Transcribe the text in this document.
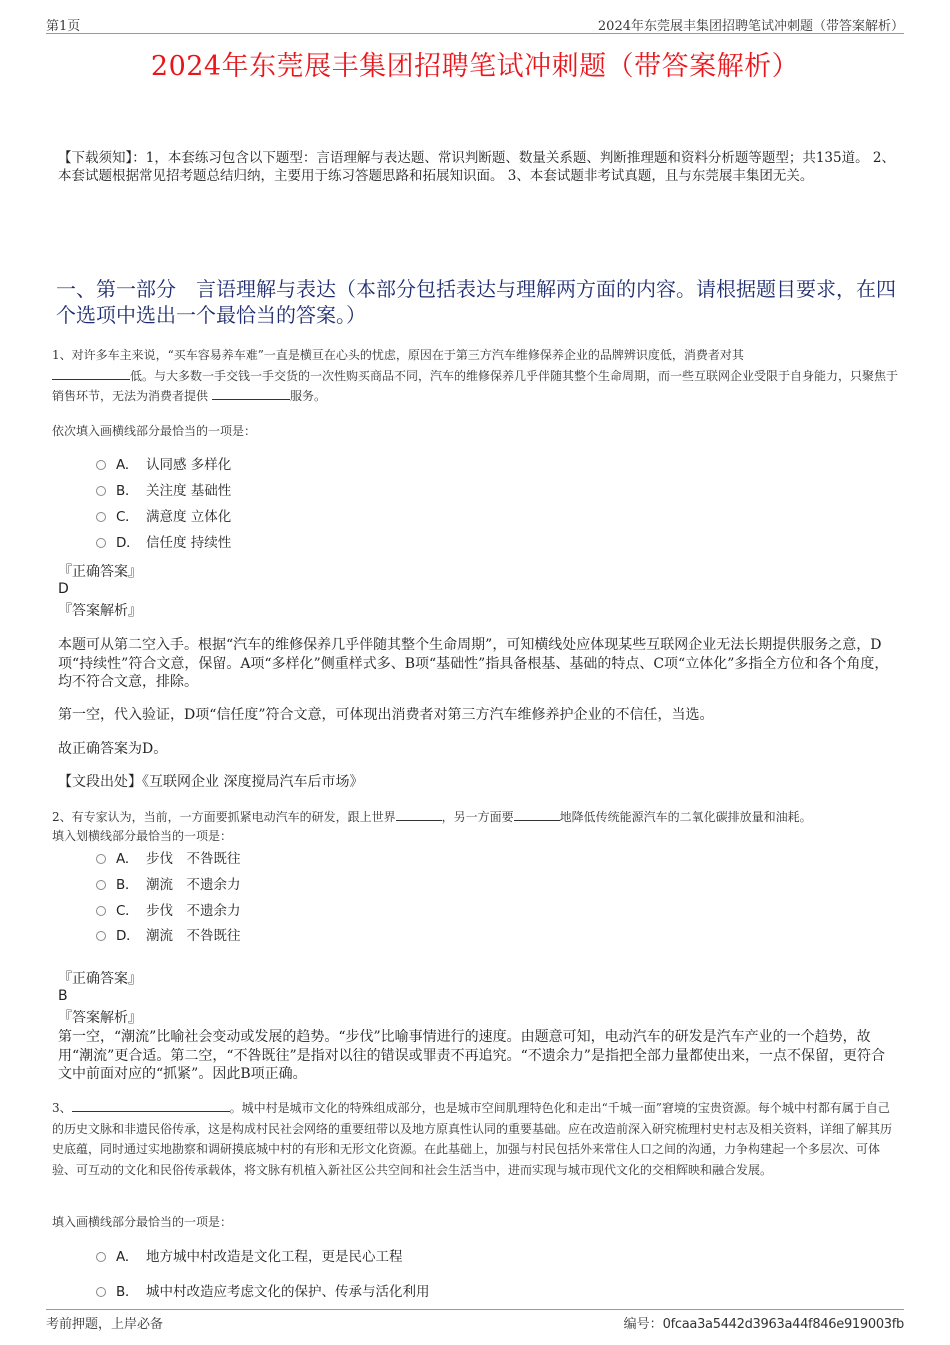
第1页	2024年东莞展丰集团招聘笔试冲刺题（带答案解析）
2024年东莞展丰集团招聘笔试冲刺题（带答案解析）
【下载须知】：1，本套练习包含以下题型：言语理解与表达题、常识判断题、数量关系题、判断推理题和资料分析题等题型；共135道。 2、本套试题根据常见招考题总结归纳，主要用于练习答题思路和拓展知识面。 3、本套试题非考试真题，且与东莞展丰集团无关。
一、第一部分　言语理解与表达（本部分包括表达与理解两方面的内容。请根据题目要求，在四个选项中选出一个最恰当的答案。）
1、对许多车主来说，“买车容易养车难”一直是横亘在心头的忧虑，原因在于第三方汽车维修保养企业的品牌辨识度低，消费者对其
低。与大多数一手交钱一手交货的一次性购买商品不同，汽车的维修保养几乎伴随其整个生命周期，而一些互联网企业受限于自身能力，只聚焦于销售环节，无法为消费者提供	服务。
依次填入画横线部分最恰当的一项是：
A． 认同感 多样化
B． 关注度 基础性
C． 满意度 立体化
D． 信任度 持续性
『正确答案』
D
『答案解析』
本题可从第二空入手。根据“汽车的维修保养几乎伴随其整个生命周期”，可知横线处应体现某些互联网企业无法长期提供服务之意，D项“持续性”符合文意，保留。A项“多样化”侧重样式多、B项“基础性”指具备根基、基础的特点、C项“立体化”多指全方位和各个角度，均不符合文意，排除。
第一空，代入验证，D项“信任度”符合文意，可体现出消费者对第三方汽车维修养护企业的不信任，当选。
故正确答案为D。
【文段出处】《互联网企业 深度搅局汽车后市场》
2、有专家认为，当前，一方面要抓紧电动汽车的研发，跟上世界	，另一方面要	地降低传统能源汽车的二氧化碳排放量和油耗。
填入划横线部分最恰当的一项是：
A． 步伐　不咎既往
B． 潮流　不遗余力
C． 步伐　不遗余力
D． 潮流　不咎既往
『正确答案』
B
『答案解析』
第一空，“潮流”比喻社会变动或发展的趋势。“步伐”比喻事情进行的速度。由题意可知，电动汽车的研发是汽车产业的一个趋势，故用“潮流”更合适。第二空，“不咎既往”是指对以往的错误或罪责不再追究。“不遗余力”是指把全部力量都使出来，一点不保留，更符合文中前面对应的“抓紧”。因此B项正确。
3、	。城中村是城市文化的特殊组成部分，也是城市空间肌理特色化和走出“千城一面”窘境的宝贵资源。每个城中村都有属于自己的历史文脉和非遗民俗传承，这是构成村民社会网络的重要纽带以及地方原真性认同的重要基础。应在改造前深入研究梳理村史村志及相关资料，详细了解其历史底蕴，同时通过实地勘察和调研摸底城中村的有形和无形文化资源。在此基础上，加强与村民包括外来常住人口之间的沟通，力争构建起一个多层次、可体验、可互动的文化和民俗传承载体，将文脉有机植入新社区公共空间和社会生活当中，进而实现与城市现代文化的交相辉映和融合发展。
填入画横线部分最恰当的一项是：
A． 地方城中村改造是文化工程，更是民心工程
B． 城中村改造应考虑文化的保护、传承与活化利用
考前押题，上岸必备	编号：0fcaa3a5442d3963a44f846e919003fb
